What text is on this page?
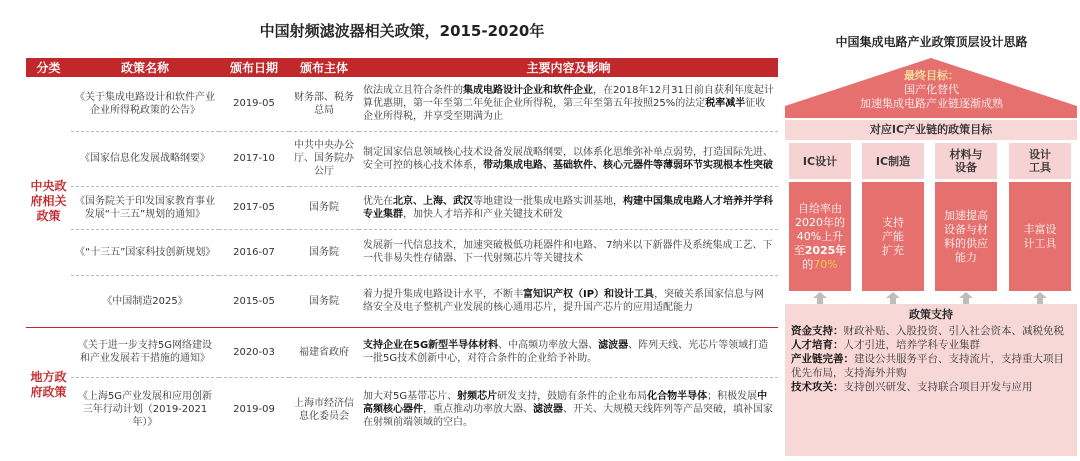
中国射频滤波器相关政策，2015-2020年
分类	政策名称	颁布日期	颁布主体	主要内容及影响
中央政府相关政策	《关于集成电路设计和软件产业企业所得税政策的公告》	2019-05	财务部、税务总局	依法成立且符合条件的集成电路设计企业和软件企业，在2018年12月31日前自获利年度起计算优惠期，第一年至第二年免征企业所得税，第三年至第五年按照25%的法定税率减半征收企业所得税，并享受至期满为止
	《国家信息化发展战略纲要》	2017-10	中共中央办公厅、国务院办公厅	制定国家信息领域核心技术设备发展战略纲要，以体系化思维弥补单点弱势，打造国际先进、安全可控的核心技术体系，带动集成电路、基础软件、核心元器件等薄弱环节实现根本性突破
	《国务院关于印发国家教育事业发展“十三五”规划的通知》	2017-05	国务院	优先在北京、上海、武汉等地建设一批集成电路实训基地，构建中国集成电路人才培养并学科专业集群，加快人才培养和产业关键技术研发
	《“十三五”国家科技创新规划》	2016-07	国务院	发展新一代信息技术，加速突破极低功耗器件和电路、 7纳米以下新器件及系统集成工艺、下一代非易失性存储器、下一代射频芯片等关键技术
	《中国制造2025》	2015-05	国务院	着力提升集成电路设计水平，不断丰富知识产权（IP）和设计工具，突破关系国家信息与网络安全及电子整机产业发展的核心通用芯片，提升国产芯片的应用适配能力
地方政府政策	《关于进一步支持5G网络建设和产业发展若干措施的通知》	2020-03	福建省政府	支持企业在5G新型半导体材料、中高频功率放大器、滤波器、阵列天线、光芯片等领域打造一批5G技术创新中心，对符合条件的企业给予补助。
	《上海5G产业发展和应用创新三年行动计划（2019-2021年）》	2019-09	上海市经济信息化委员会	加大对5G基带芯片、射频芯片研发支持，鼓励有条件的企业布局化合物半导体；积极发展中高频核心器件，重点推动功率放大器、滤波器、开关、大规模天线阵列等产品突破，填补国家在射频前端领域的空白。
中国集成电路产业政策顶层设计思路
最终目标：
国产化替代
加速集成电路产业链逐渐成熟
对应IC产业链的政策目标
IC设计
自给率由2020年的40%上升至2025年的70%
IC制造
支持产能扩充
材料与设备
加速提高设备与材料的供应能力
设计工具
丰富设计工具
政策支持
资金支持：财政补贴、入股投资、引入社会资本、减税免税
人才培育：人才引进，培养学科专业集群
产业链完善：建设公共服务平台、支持流片，支持重大项目优先布局，支持海外并购
技术攻关：支持创兴研发、支持联合项目开发与应用
